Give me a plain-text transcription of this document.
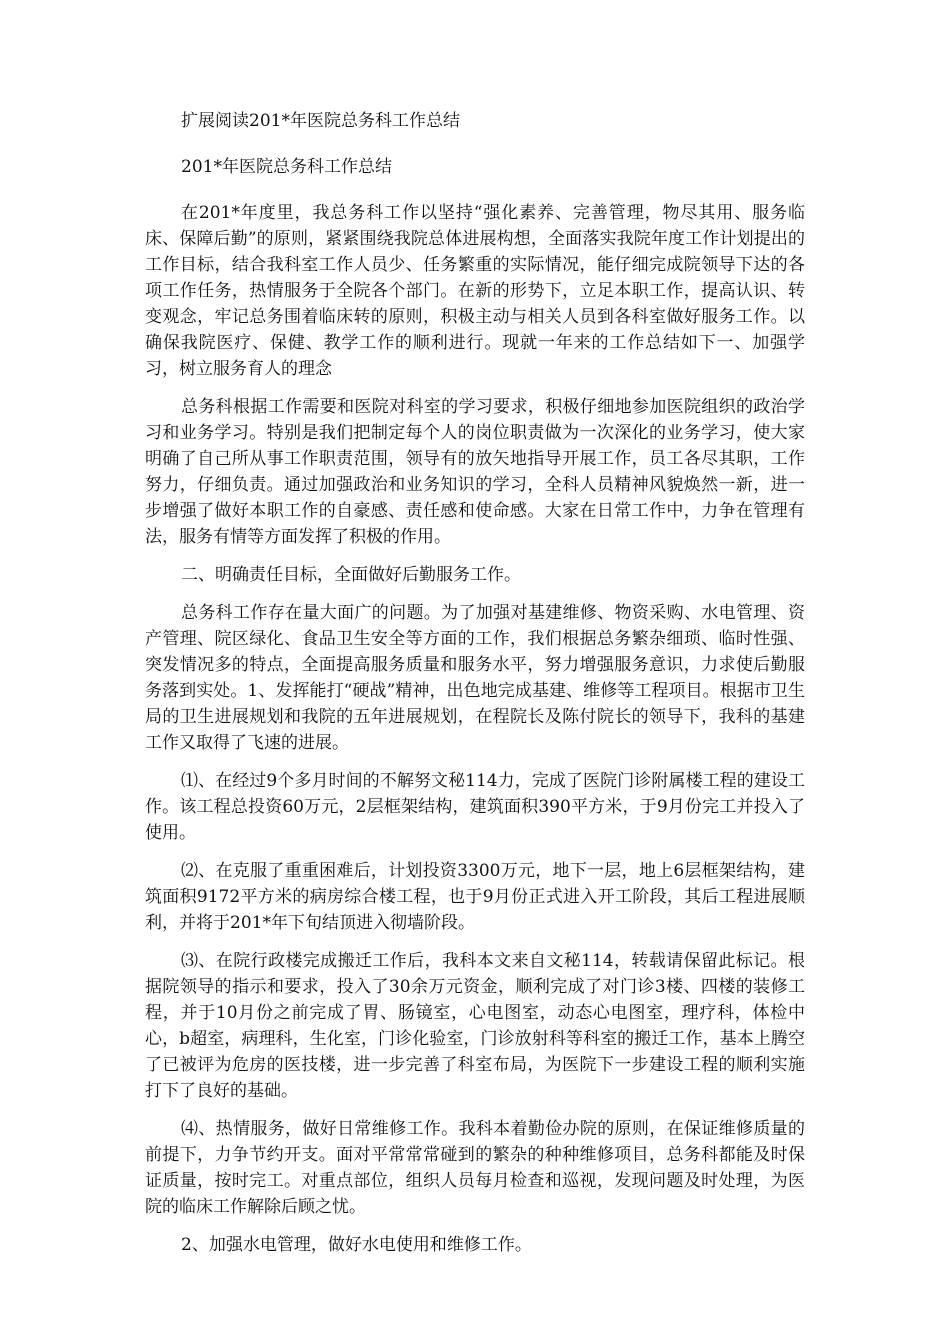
扩展阅读201*年医院总务科工作总结

201*年医院总务科工作总结

在201*年度里，我总务科工作以坚持“强化素养、完善管理，物尽其用、服务临床、保障后勤”的原则，紧紧围绕我院总体进展构想，全面落实我院年度工作计划提出的工作目标，结合我科室工作人员少、任务繁重的实际情况，能仔细完成院领导下达的各项工作任务，热情服务于全院各个部门。在新的形势下，立足本职工作，提高认识、转变观念，牢记总务围着临床转的原则，积极主动与相关人员到各科室做好服务工作。以确保我院医疗、保健、教学工作的顺利进行。现就一年来的工作总结如下一、加强学习，树立服务育人的理念

总务科根据工作需要和医院对科室的学习要求，积极仔细地参加医院组织的政治学习和业务学习。特别是我们把制定每个人的岗位职责做为一次深化的业务学习，使大家明确了自己所从事工作职责范围，领导有的放矢地指导开展工作，员工各尽其职，工作努力，仔细负责。通过加强政治和业务知识的学习，全科人员精神风貌焕然一新，进一步增强了做好本职工作的自豪感、责任感和使命感。大家在日常工作中，力争在管理有法，服务有情等方面发挥了积极的作用。

二、明确责任目标，全面做好后勤服务工作。

总务科工作存在量大面广的问题。为了加强对基建维修、物资采购、水电管理、资产管理、院区绿化、食品卫生安全等方面的工作，我们根据总务繁杂细琐、临时性强、突发情况多的特点，全面提高服务质量和服务水平，努力增强服务意识，力求使后勤服务落到实处。1、发挥能打“硬战”精神，出色地完成基建、维修等工程项目。根据市卫生局的卫生进展规划和我院的五年进展规划，在程院长及陈付院长的领导下，我科的基建工作又取得了飞速的进展。

⑴、在经过9个多月时间的不解努文秘114力，完成了医院门诊附属楼工程的建设工作。该工程总投资60万元，2层框架结构，建筑面积390平方米，于9月份完工并投入了使用。

⑵、在克服了重重困难后，计划投资3300万元，地下一层，地上6层框架结构，建筑面积9172平方米的病房综合楼工程，也于9月份正式进入开工阶段，其后工程进展顺利，并将于201*年下旬结顶进入彻墙阶段。

⑶、在院行政楼完成搬迁工作后，我科本文来自文秘114，转载请保留此标记。根据院领导的指示和要求，投入了30余万元资金，顺利完成了对门诊3楼、四楼的装修工程，并于10月份之前完成了胃、肠镜室，心电图室，动态心电图室，理疗科，体检中心，b超室，病理科，生化室，门诊化验室，门诊放射科等科室的搬迁工作，基本上腾空了已被评为危房的医技楼，进一步完善了科室布局，为医院下一步建设工程的顺利实施打下了良好的基础。

⑷、热情服务，做好日常维修工作。我科本着勤俭办院的原则，在保证维修质量的前提下，力争节约开支。面对平常常常碰到的繁杂的种种维修项目，总务科都能及时保证质量，按时完工。对重点部位，组织人员每月检查和巡视，发现问题及时处理，为医院的临床工作解除后顾之忧。

2、加强水电管理，做好水电使用和维修工作。
